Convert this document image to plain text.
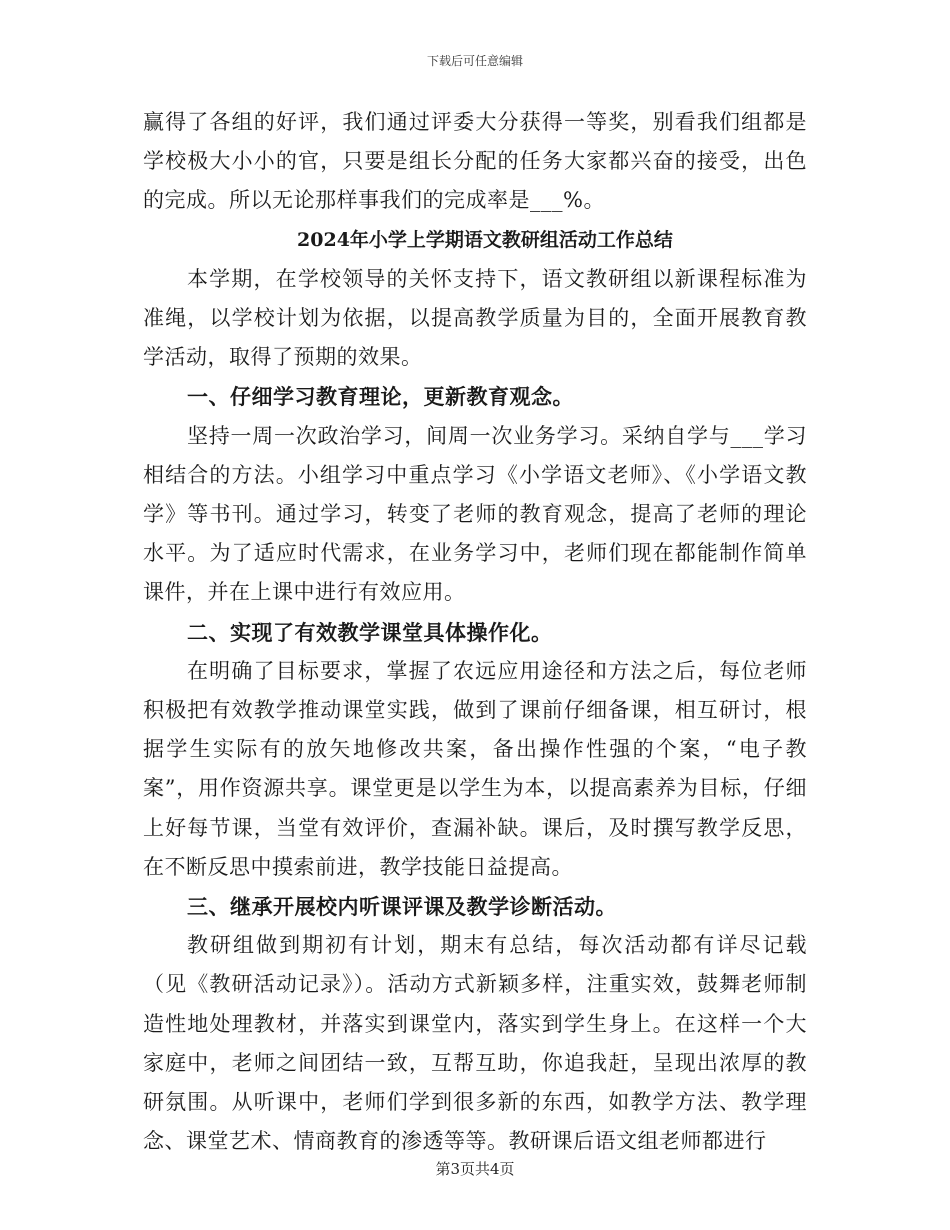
下载后可任意编辑

赢得了各组的好评，我们通过评委大分获得一等奖，别看我们组都是学校极大小小的官，只要是组长分配的任务大家都兴奋的接受，出色的完成。所以无论那样事我们的完成率是___%。

2024年小学上学期语文教研组活动工作总结

本学期，在学校领导的关怀支持下，语文教研组以新课程标准为准绳，以学校计划为依据，以提高教学质量为目的，全面开展教育教学活动，取得了预期的效果。

一、仔细学习教育理论，更新教育观念。

坚持一周一次政治学习，间周一次业务学习。采纳自学与___学习相结合的方法。小组学习中重点学习《小学语文老师》、《小学语文教学》等书刊。通过学习，转变了老师的教育观念，提高了老师的理论水平。为了适应时代需求，在业务学习中，老师们现在都能制作简单课件，并在上课中进行有效应用。

二、实现了有效教学课堂具体操作化。

在明确了目标要求，掌握了农远应用途径和方法之后，每位老师积极把有效教学推动课堂实践，做到了课前仔细备课，相互研讨，根据学生实际有的放矢地修改共案，备出操作性强的个案，“电子教案”，用作资源共享。课堂更是以学生为本，以提高素养为目标，仔细上好每节课，当堂有效评价，查漏补缺。课后，及时撰写教学反思，在不断反思中摸索前进，教学技能日益提高。

三、继承开展校内听课评课及教学诊断活动。

教研组做到期初有计划，期末有总结，每次活动都有详尽记载（见《教研活动记录》）。活动方式新颖多样，注重实效，鼓舞老师制造性地处理教材，并落实到课堂内，落实到学生身上。在这样一个大家庭中，老师之间团结一致，互帮互助，你追我赶，呈现出浓厚的教研氛围。从听课中，老师们学到很多新的东西，如教学方法、教学理念、课堂艺术、情商教育的渗透等等。教研课后语文组老师都进行

第3页共4页
